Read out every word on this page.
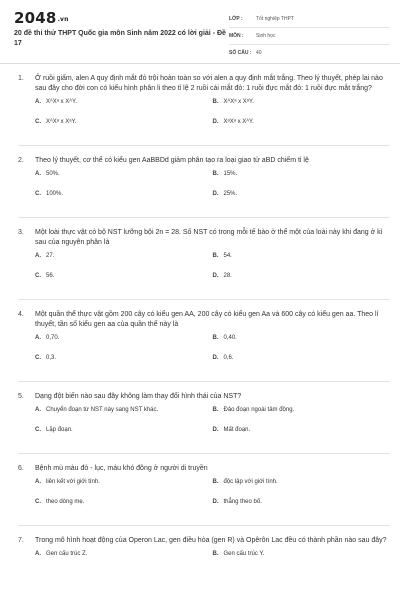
2048.vn
20 đề thi thử THPT Quốc gia môn Sinh năm 2022 có lời giải - Đề 17
LỚP :	Tốt nghiệp THPT
MÔN :	Sinh học
SỐ CÂU : 40
1.	Ở ruồi giấm, alen A quy định mắt đỏ trội hoàn toàn so với alen a quy định mắt trắng. Theo lý thuyết, phép lai nào sau đây cho đời con có kiểu hình phân li theo tỉ lệ 2 ruồi cái mắt đỏ: 1 ruồi đực mắt đỏ: 1 ruồi đực mắt trắng?
A. XᴬXᵃ x XᴬY.	B. XᴬXᵃ x XᵃY.
C. XᴬXᵃ x XᵃY.	D. XᵃXᵃ x XᴬY.
2.	Theo lý thuyết, cơ thể có kiểu gen AaBBDd giảm phân tạo ra loại giao tử aBD chiếm tỉ lệ
A. 50%.	B. 15%.
C. 100%.	D. 25%.
3.	Một loài thực vật có bộ NST lưỡng bội 2n = 28. Số NST có trong mỗi tế bào ở thể một của loài này khi đang ở kì sau của nguyên phân là
A. 27.	B. 54.
C. 56.	D. 28.
4.	Một quần thể thực vật gồm 200 cây có kiểu gen AA, 200 cây có kiểu gen Aa và 600 cây có kiểu gen aa. Theo lí thuyết, tần số kiểu gen aa của quần thể này là
A. 0,70.	B. 0,40.
C. 0,3.	D. 0,6.
5.	Dạng đột biến nào sau đây không làm thay đổi hình thái của NST?
A. Chuyển đoạn từ NST này sang NST khác.	B. Đảo đoạn ngoài tâm động.
C. Lặp đoạn.	D. Mất đoạn.
6.	Bệnh mù màu đỏ - lục, máu khó đông ở người di truyền
A. liên kết với giới tính.	B. độc lập với giới tính.
C. theo dòng mẹ.	D. thẳng theo bố.
7.	Trong mô hình hoạt động của Operon Lac, gen điều hòa (gen R) và Opêrôn Lac đều có thành phần nào sau đây?
A. Gen cấu trúc Z.	B. Gen cấu trúc Y.
